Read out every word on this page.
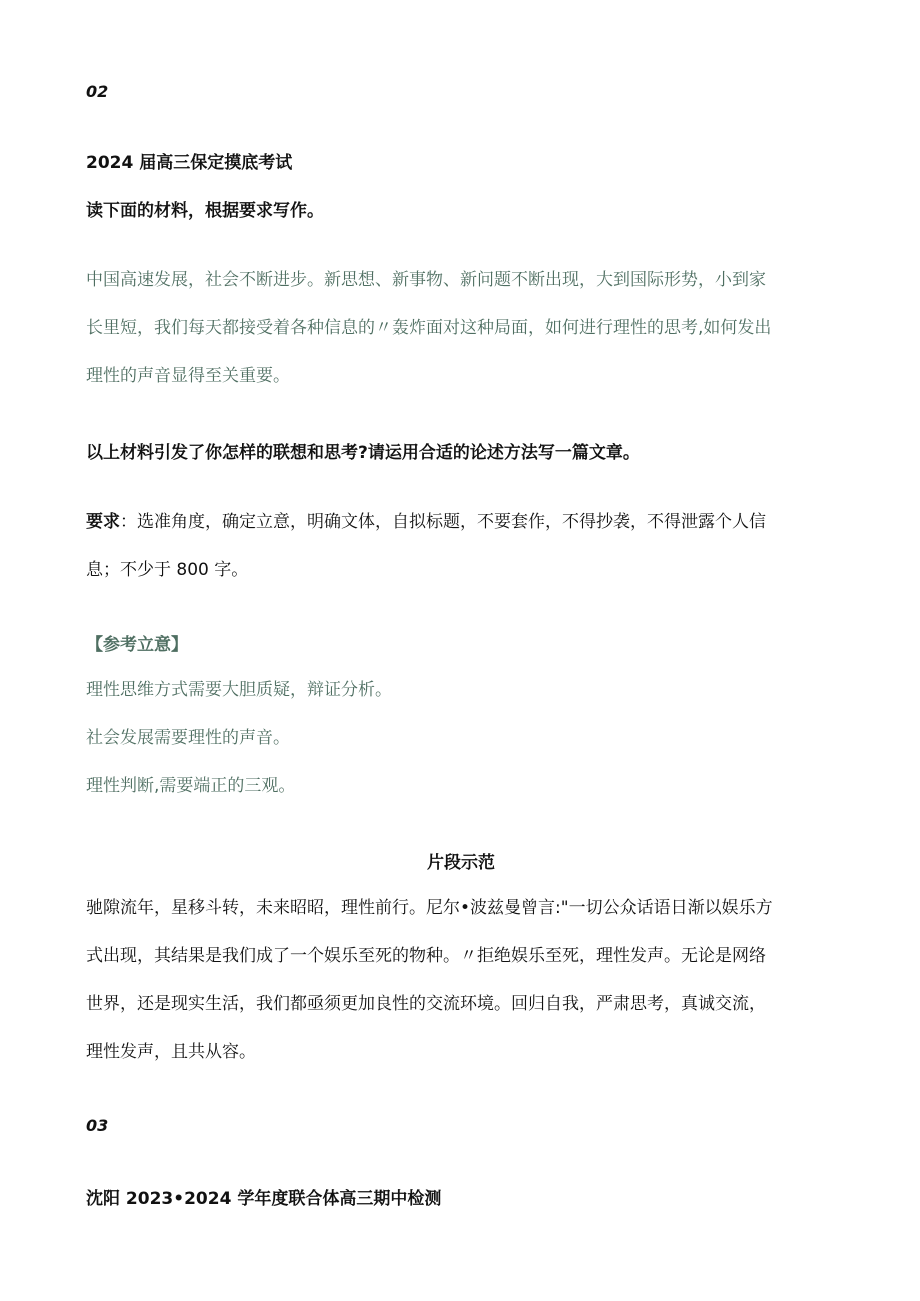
02
2024 届高三保定摸底考试
读下面的材料，根据要求写作。
中国高速发展，社会不断进步。新思想、新事物、新问题不断出现，大到国际形势，小到家
长里短，我们每天都接受着各种信息的〃轰炸面对这种局面，如何进行理性的思考,如何发出
理性的声音显得至关重要。
以上材料引发了你怎样的联想和思考?请运用合适的论述方法写一篇文章。
要求：选准角度，确定立意，明确文体，自拟标题，不要套作，不得抄袭，不得泄露个人信
息；不少于 800 字。
【参考立意】
理性思维方式需要大胆质疑，辩证分析。
社会发展需要理性的声音。
理性判断,需要端正的三观。
片段示范
驰隙流年，星移斗转，未来昭昭，理性前行。尼尔•波兹曼曾言:"一切公众话语日渐以娱乐方
式出现，其结果是我们成了一个娱乐至死的物种。〃拒绝娱乐至死，理性发声。无论是网络
世界，还是现实生活，我们都亟须更加良性的交流环境。回归自我，严肃思考，真诚交流，
理性发声，且共从容。
03
沈阳 2023•2024 学年度联合体高三期中检测
